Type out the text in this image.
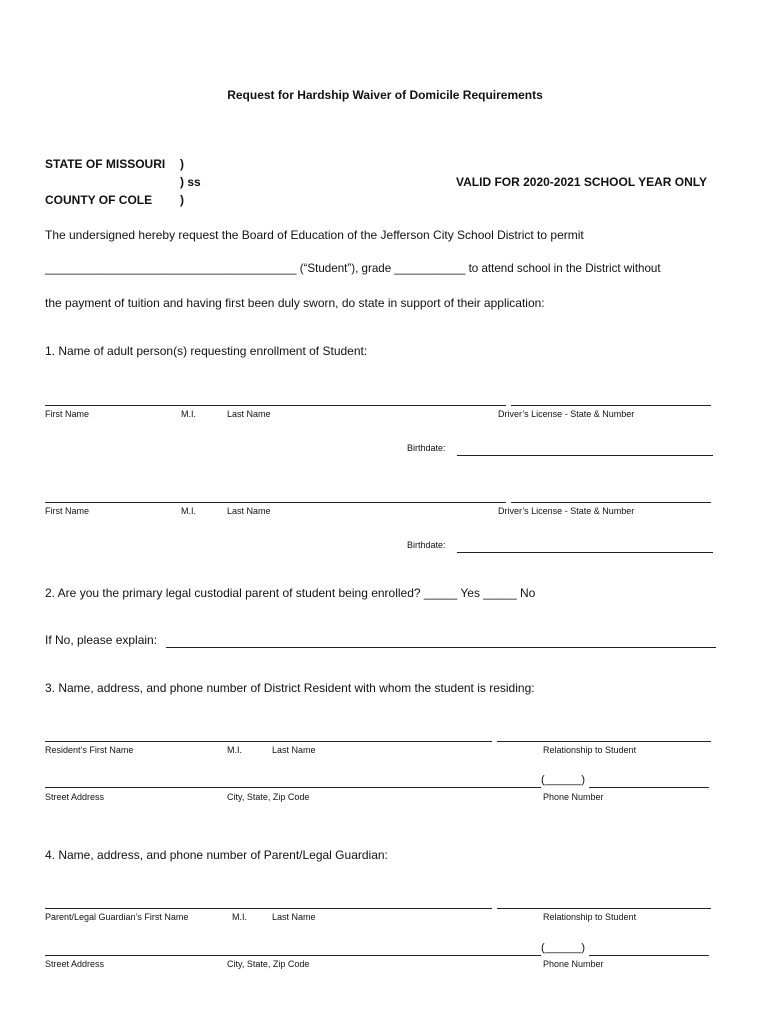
Request for Hardship Waiver of Domicile Requirements
STATE OF MISSOURI
COUNTY OF COLE
)
) ss
)
VALID FOR 2020-2021 SCHOOL YEAR ONLY
The undersigned hereby request the Board of Education of the Jefferson City School District to permit
_______________________________________ (“Student”), grade ___________ to attend school in the District without
the payment of tuition and having first been duly sworn, do state in support of their application:
1. Name of adult person(s) requesting enrollment of Student:
First Name	M.I.	Last Name	Driver’s License - State & Number
Birthdate:
First Name	M.I.	Last Name	Driver’s License - State & Number
Birthdate:
2. Are you the primary legal custodial parent of student being enrolled? _____ Yes _____ No
If No, please explain:
3. Name, address, and phone number of District Resident with whom the student is residing:
Resident’s First Name	M.I.	Last Name	Relationship to Student
(______)
Street Address	City, State, Zip Code	Phone Number
4. Name, address, and phone number of Parent/Legal Guardian:
Parent/Legal Guardian’s First Name	M.I.	Last Name	Relationship to Student
(______)
Street Address	City, State, Zip Code	Phone Number
